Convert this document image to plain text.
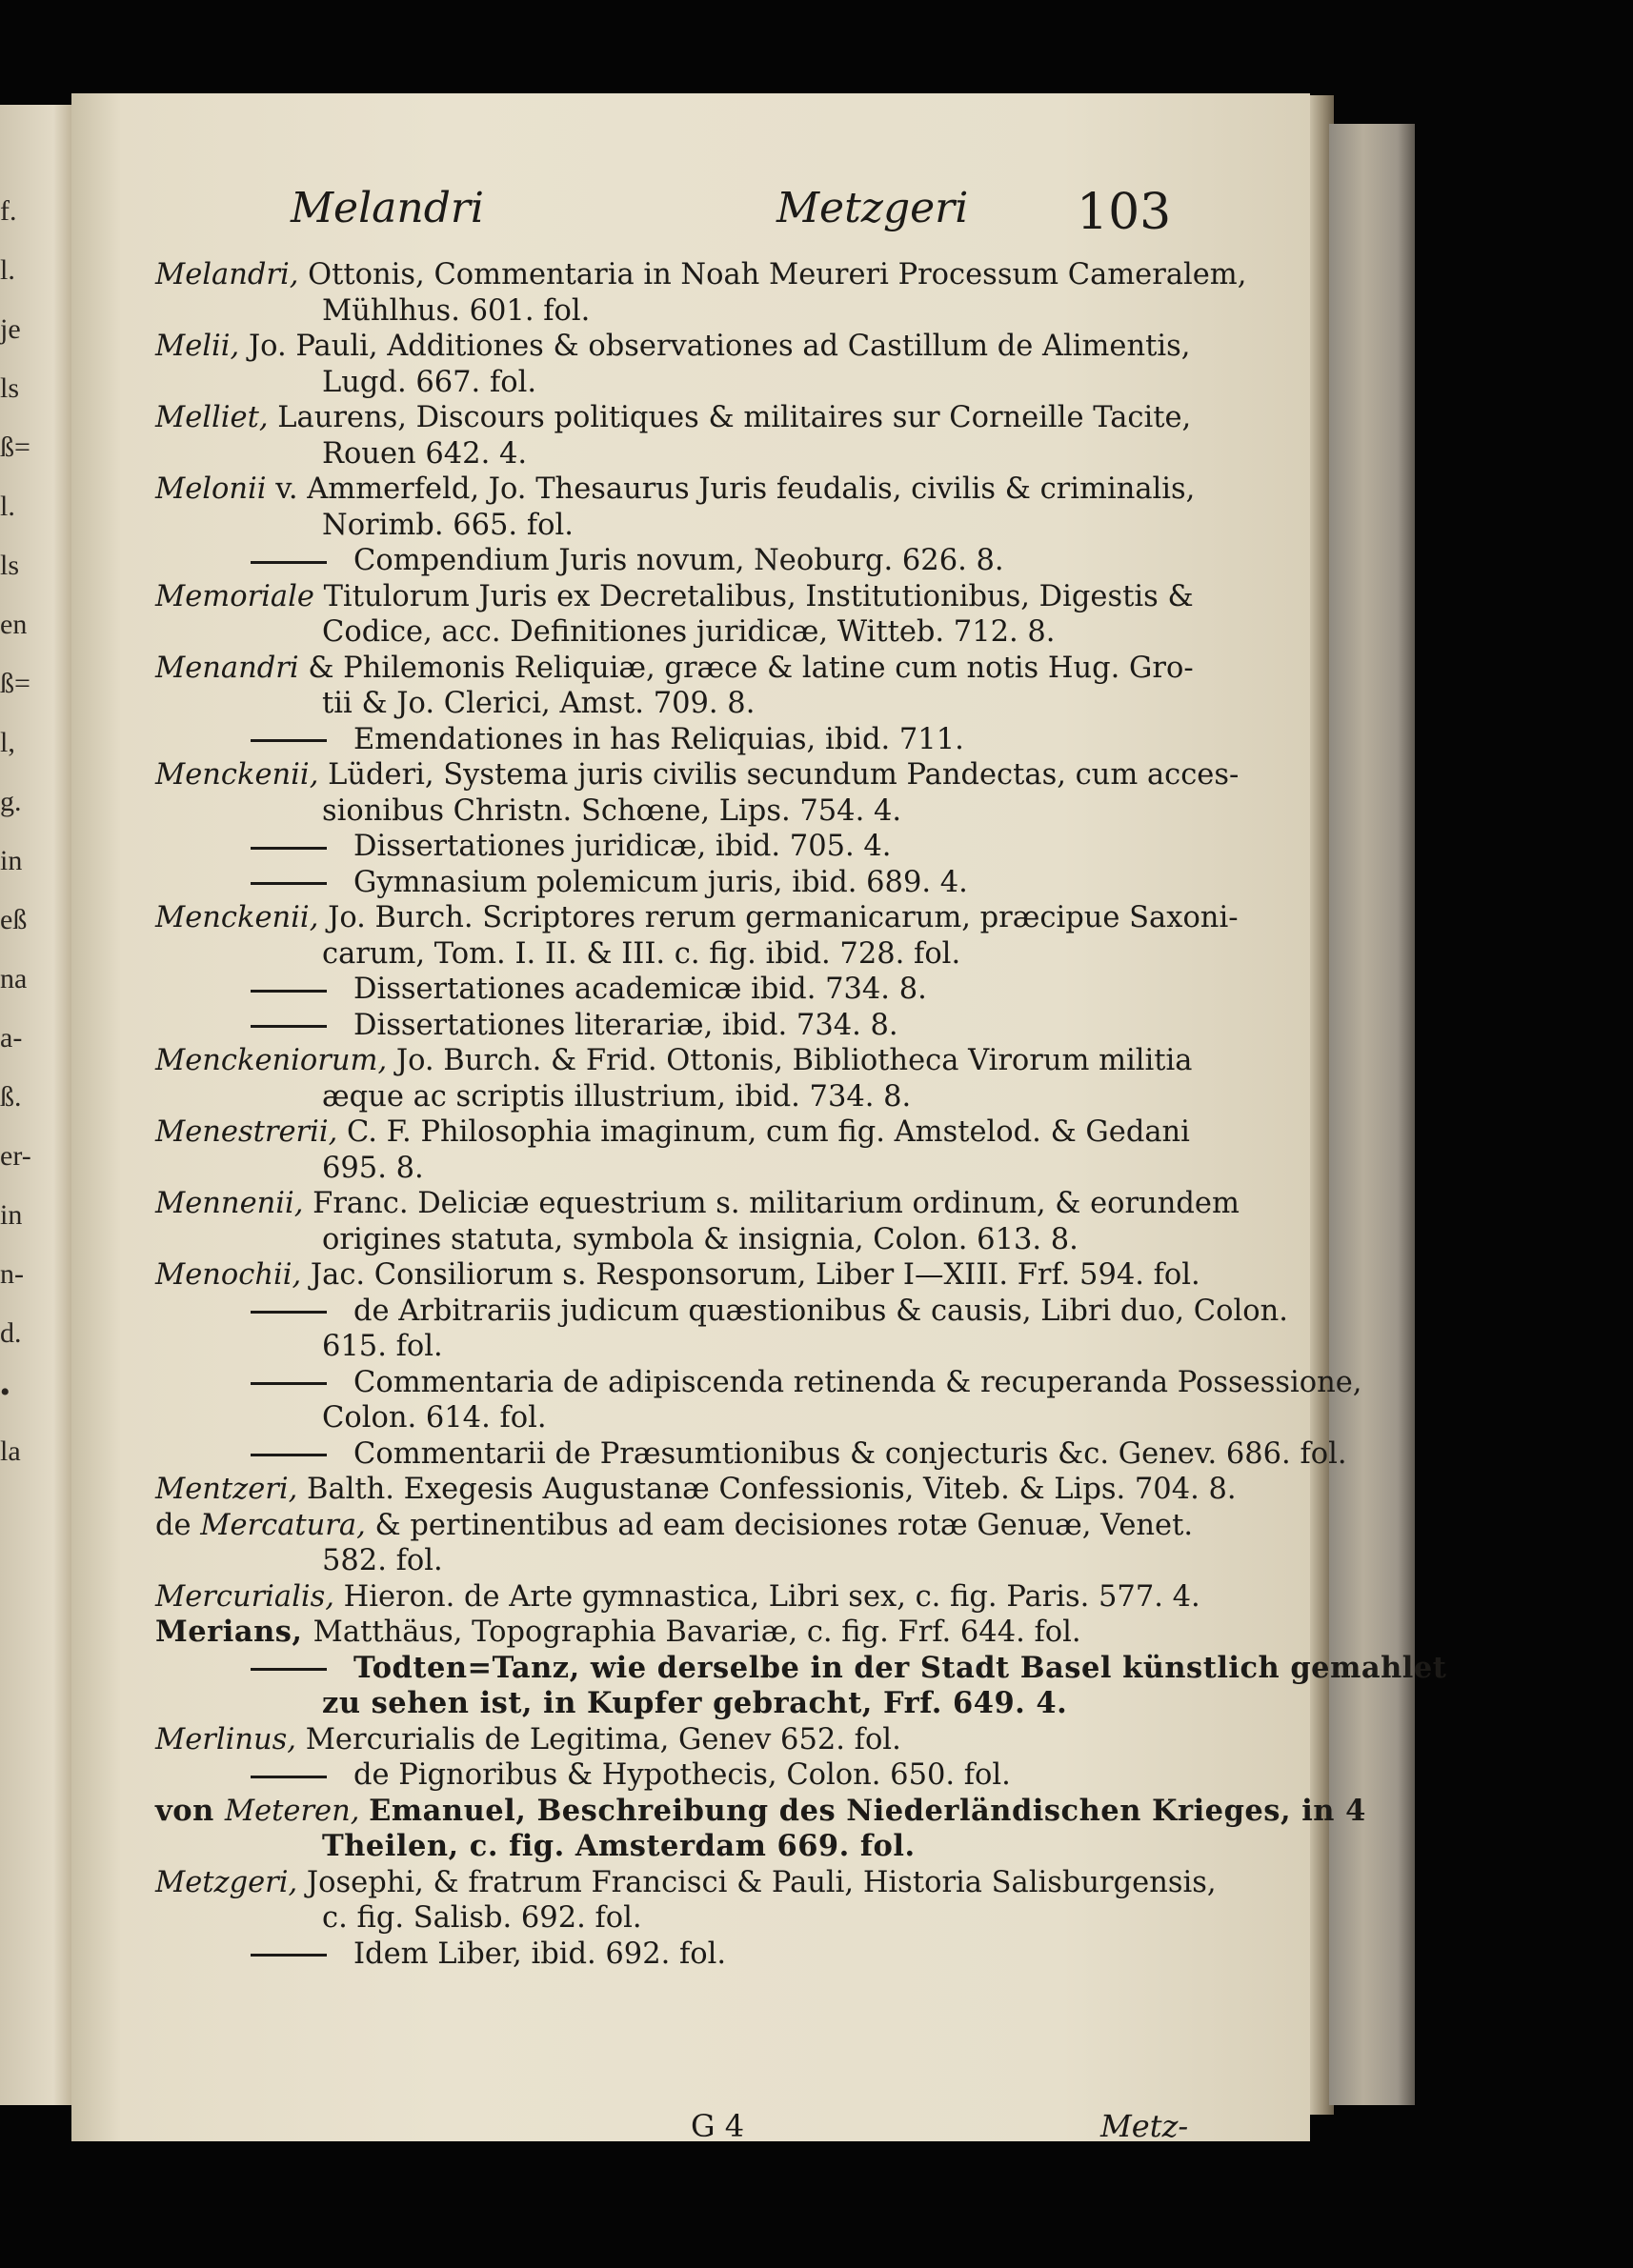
f.
l.
je
ls
ß=
l.
ls
en
ß=
l,
g.
in
eß
na
a-
ß.
er-
in
n-
d.
•
la
Melandri	Metzgeri 103
Melandri, Ottonis, Commentaria in Noah Meureri Processum Cameralem,
Mühlhus. 601. fol.
Melii, Jo. Pauli, Additiones & observationes ad Castillum de Alimentis,
Lugd. 667. fol.
Melliet, Laurens, Discours politiques & militaires sur Corneille Tacite,
Rouen 642. 4.
Melonii v. Ammerfeld, Jo. Thesaurus Juris feudalis, civilis & criminalis,
Norimb. 665. fol.
Compendium Juris novum, Neoburg. 626. 8.
Memoriale Titulorum Juris ex Decretalibus, Institutionibus, Digestis &
Codice, acc. Definitiones juridicæ, Witteb. 712. 8.
Menandri & Philemonis Reliquiæ, græce & latine cum notis Hug. Gro-
tii & Jo. Clerici, Amst. 709. 8.
Emendationes in has Reliquias, ibid. 711.
Menckenii, Lüderi, Systema juris civilis secundum Pandectas, cum acces-
sionibus Christn. Schœne, Lips. 754. 4.
Dissertationes juridicæ, ibid. 705. 4.
Gymnasium polemicum juris, ibid. 689. 4.
Menckenii, Jo. Burch. Scriptores rerum germanicarum, præcipue Saxoni-
carum, Tom. I. II. & III. c. fig. ibid. 728. fol.
Dissertationes academicæ ibid. 734. 8.
Dissertationes literariæ, ibid. 734. 8.
Menckeniorum, Jo. Burch. & Frid. Ottonis, Bibliotheca Virorum militia
æque ac scriptis illustrium, ibid. 734. 8.
Menestrerii, C. F. Philosophia imaginum, cum fig. Amstelod. & Gedani
695. 8.
Mennenii, Franc. Deliciæ equestrium s. militarium ordinum, & eorundem
origines statuta, symbola & insignia, Colon. 613. 8.
Menochii, Jac. Consiliorum s. Responsorum, Liber I—XIII. Frf. 594. fol.
de Arbitrariis judicum quæstionibus & causis, Libri duo, Colon.
615. fol.
Commentaria de adipiscenda retinenda & recuperanda Possessione,
Colon. 614. fol.
Commentarii de Præsumtionibus & conjecturis &c. Genev. 686. fol.
Mentzeri, Balth. Exegesis Augustanæ Confessionis, Viteb. & Lips. 704. 8.
de Mercatura, & pertinentibus ad eam decisiones rotæ Genuæ, Venet.
582. fol.
Mercurialis, Hieron. de Arte gymnastica, Libri sex, c. fig. Paris. 577. 4.
Merians, Matthäus, Topographia Bavariæ, c. fig. Frf. 644. fol.
Todten=Tanz, wie derselbe in der Stadt Basel künstlich gemahlet
zu sehen ist, in Kupfer gebracht, Frf. 649. 4.
Merlinus, Mercurialis de Legitima, Genev 652. fol.
de Pignoribus & Hypothecis, Colon. 650. fol.
von Meteren, Emanuel, Beschreibung des Niederländischen Krieges, in 4
Theilen, c. fig. Amsterdam 669. fol.
Metzgeri, Josephi, & fratrum Francisci & Pauli, Historia Salisburgensis,
c. fig. Salisb. 692. fol.
Idem Liber, ibid. 692. fol.
G 4	Metz-
